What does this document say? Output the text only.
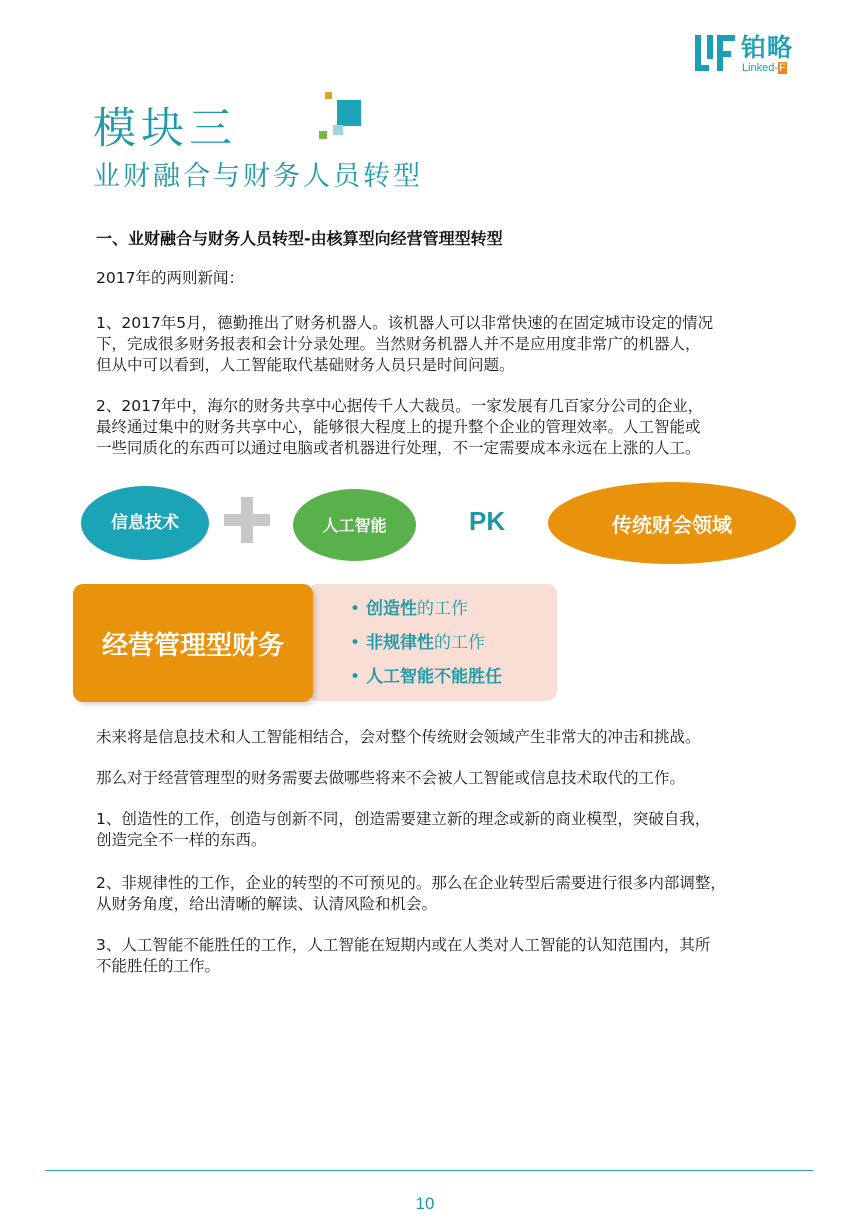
铂略
Linked-F
模块三
业财融合与财务人员转型
一、业财融合与财务人员转型-由核算型向经营管理型转型
2017年的两则新闻：
1、2017年5月，德勤推出了财务机器人。该机器人可以非常快速的在固定城市设定的情况
下，完成很多财务报表和会计分录处理。当然财务机器人并不是应用度非常广的机器人，
但从中可以看到，人工智能取代基础财务人员只是时间问题。
2、2017年中，海尔的财务共享中心据传千人大裁员。一家发展有几百家分公司的企业，
最终通过集中的财务共享中心，能够很大程度上的提升整个企业的管理效率。人工智能或
一些同质化的东西可以通过电脑或者机器进行处理，不一定需要成本永远在上涨的人工。
信息技术	人工智能	PK	传统财会领域
经营管理型财务
• 创造性的工作
• 非规律性的工作
• 人工智能不能胜任
未来将是信息技术和人工智能相结合，会对整个传统财会领域产生非常大的冲击和挑战。
那么对于经营管理型的财务需要去做哪些将来不会被人工智能或信息技术取代的工作。
1、创造性的工作，创造与创新不同，创造需要建立新的理念或新的商业模型，突破自我，
创造完全不一样的东西。
2、非规律性的工作，企业的转型的不可预见的。那么在企业转型后需要进行很多内部调整，
从财务角度，给出清晰的解读、认清风险和机会。
3、人工智能不能胜任的工作，人工智能在短期内或在人类对人工智能的认知范围内，其所
不能胜任的工作。
10
